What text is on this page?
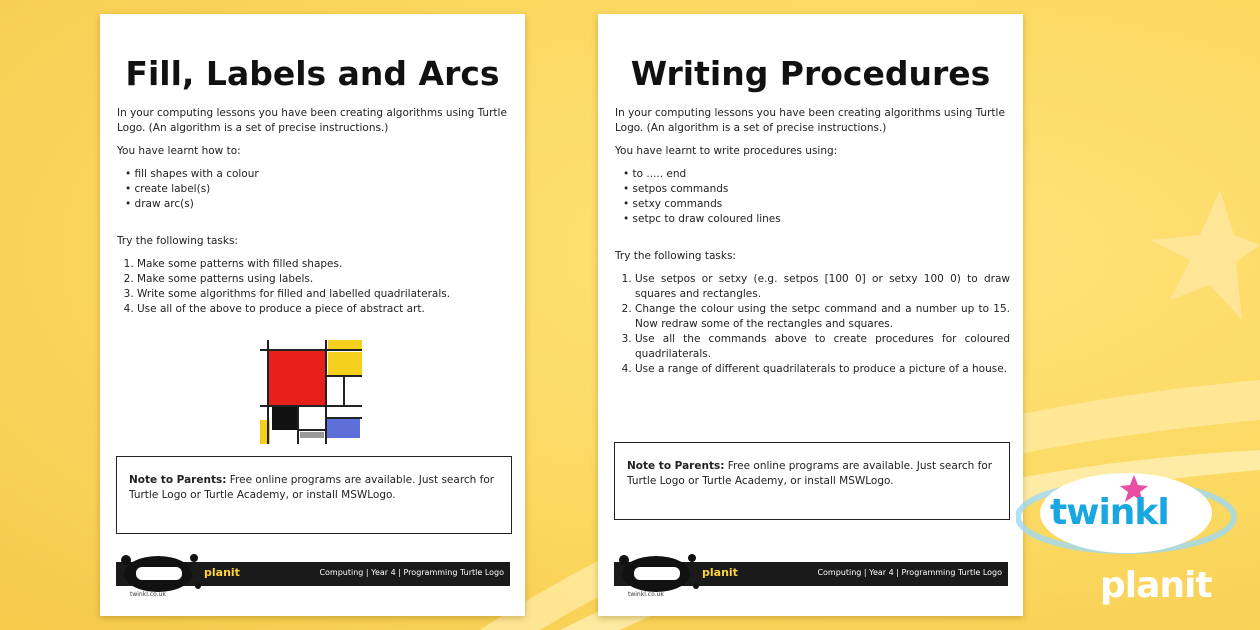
Fill, Labels and Arcs

In your computing lessons you have been creating algorithms using Turtle Logo. (An algorithm is a set of precise instructions.)

You have learnt how to:

• fill shapes with a colour
• create label(s)
• draw arc(s)

Try the following tasks:

1. Make some patterns with filled shapes.
2. Make some patterns using labels.
3. Write some algorithms for filled and labelled quadrilaterals.
4. Use all of the above to produce a piece of abstract art.
Note to Parents: Free online programs are available. Just search for Turtle Logo or Turtle Academy, or install MSWLogo.
planit	Computing | Year 4 | Programming Turtle Logo
twinkl.co.uk
Writing Procedures

In your computing lessons you have been creating algorithms using Turtle Logo. (An algorithm is a set of precise instructions.)

You have learnt to write procedures using:

• to ..... end
• setpos commands
• setxy commands
• setpc to draw coloured lines

Try the following tasks:

1. Use setpos or setxy (e.g. setpos [100 0] or setxy 100 0) to draw squares and rectangles.
2. Change the colour using the setpc command and a number up to 15. Now redraw some of the rectangles and squares.
3. Use all the commands above to create procedures for coloured quadrilaterals.
4. Use a range of different quadrilaterals to produce a picture of a house.
Note to Parents: Free online programs are available. Just search for Turtle Logo or Turtle Academy, or install MSWLogo.
planit	Computing | Year 4 | Programming Turtle Logo
twinkl.co.uk
twinkl
planit
